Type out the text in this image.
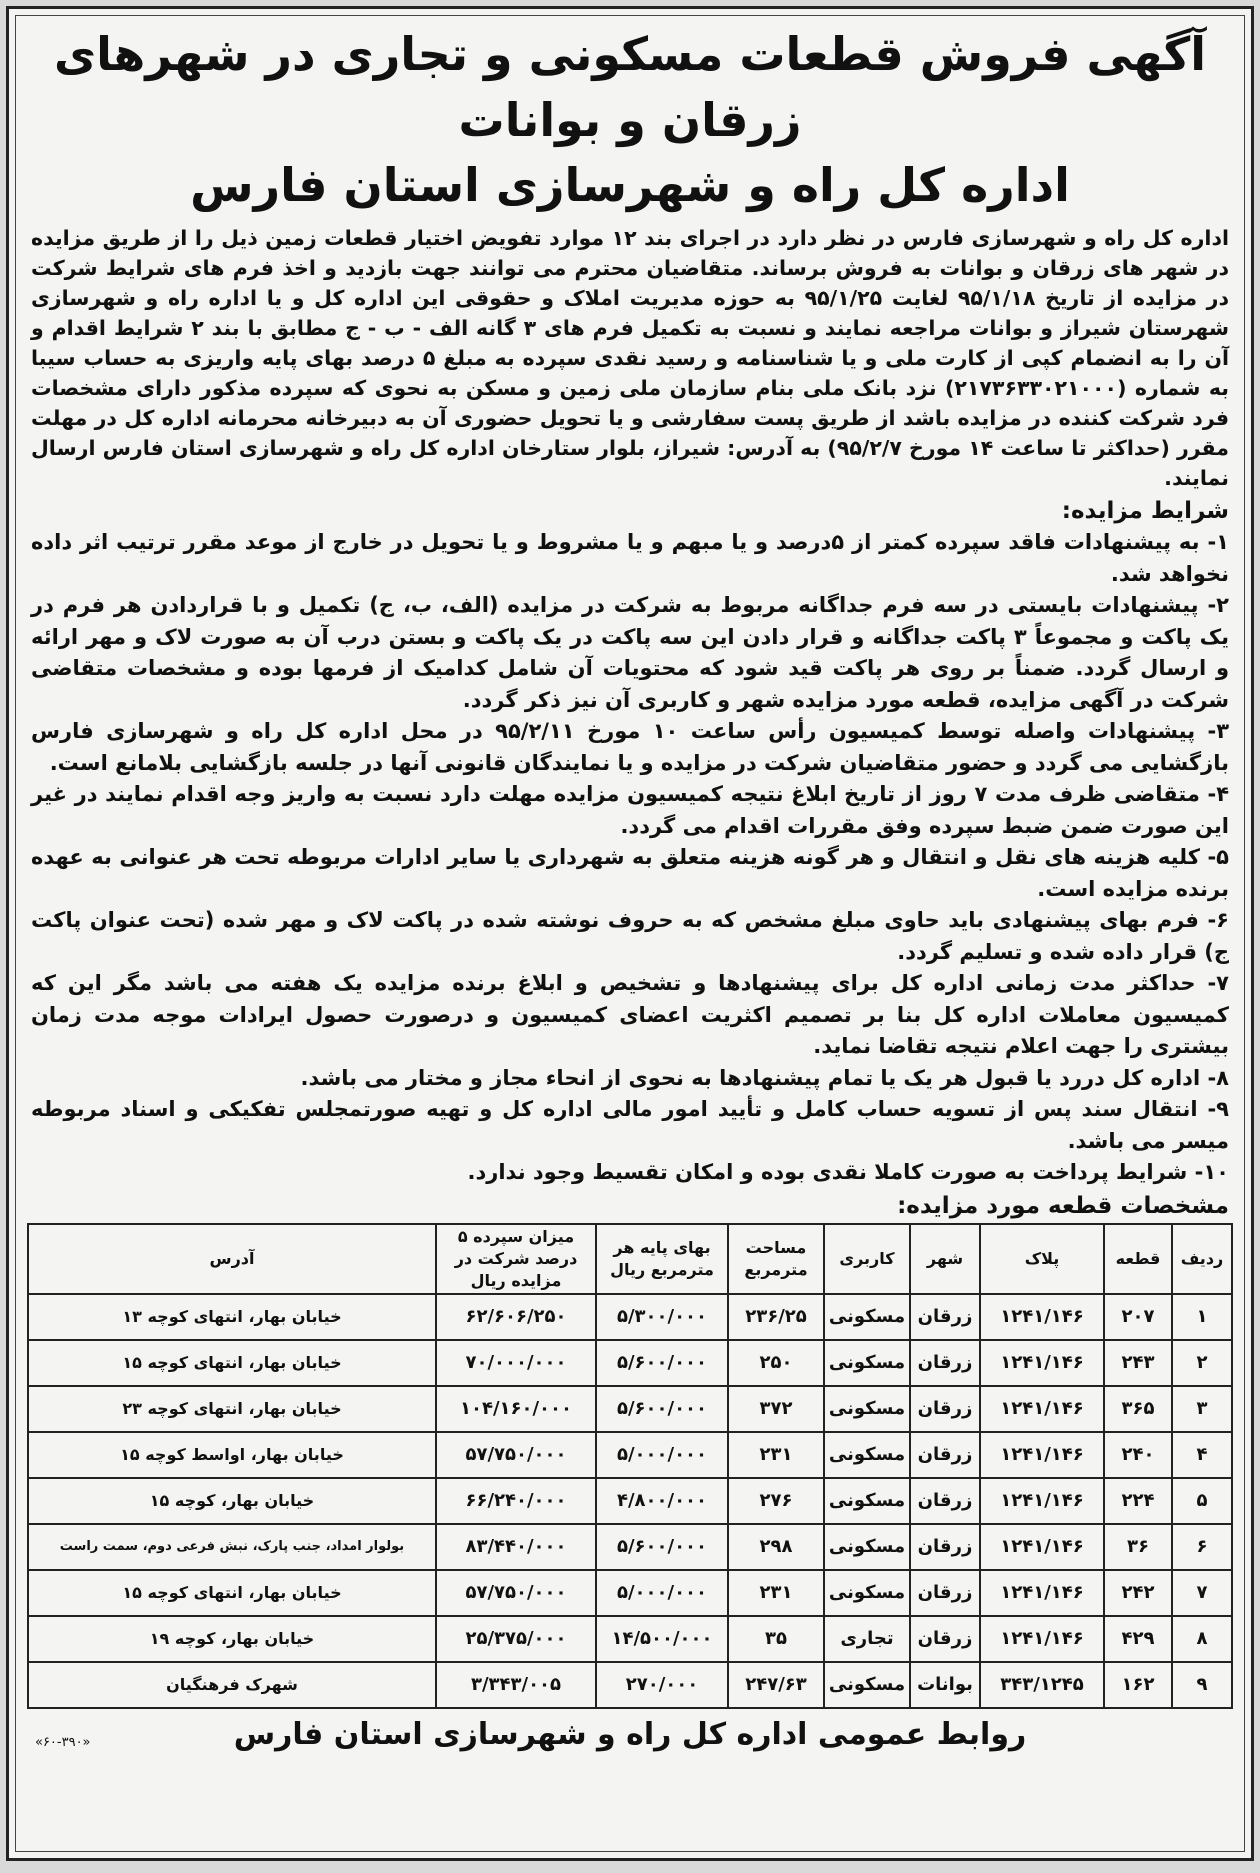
آگهی فروش قطعات مسکونی و تجاری در شهرهای زرقان و بوانات
اداره کل راه و شهرسازی استان فارس

اداره کل راه و شهرسازی فارس در نظر دارد در اجرای بند ۱۲ موارد تفویض اختیار قطعات زمین ذیل را از طریق مزایده در شهر های زرقان و بوانات به فروش برساند. متقاضیان محترم می توانند جهت بازدید و اخذ فرم های شرایط شرکت در مزایده از تاریخ ۹۵/۱/۱۸ لغایت ۹۵/۱/۲۵ به حوزه مدیریت املاک و حقوقی این اداره کل و یا اداره راه و شهرسازی شهرستان شیراز و بوانات مراجعه نمایند و نسبت به تکمیل فرم های ۳ گانه الف - ب - ج مطابق با بند ۲ شرایط اقدام و آن را به انضمام کپی از کارت ملی و یا شناسنامه و رسید نقدی سپرده به مبلغ ۵ درصد بهای پایه واریزی به حساب سیبا به شماره (۲۱۷۳۶۳۳۰۲۱۰۰۰) نزد بانک ملی بنام سازمان ملی زمین و مسکن به نحوی که سپرده مذکور دارای مشخصات فرد شرکت کننده در مزایده باشد از طریق پست سفارشی و یا تحویل حضوری آن به دبیرخانه محرمانه اداره کل در مهلت مقرر (حداکثر تا ساعت ۱۴ مورخ ۹۵/۲/۷) به آدرس: شیراز، بلوار ستارخان اداره کل راه و شهرسازی استان فارس ارسال نمایند.

شرایط مزایده:
۱- به پیشنهادات فاقد سپرده کمتر از ۵درصد و یا مبهم و یا مشروط و یا تحویل در خارج از موعد مقرر ترتیب اثر داده نخواهد شد.
۲- پیشنهادات بایستی در سه فرم جداگانه مربوط به شرکت در مزایده (الف، ب، ج) تکمیل و با قراردادن هر فرم در یک پاکت و مجموعاً ۳ پاکت جداگانه و قرار دادن این سه پاکت در یک پاکت و بستن درب آن به صورت لاک و مهر ارائه و ارسال گردد. ضمناً بر روی هر پاکت قید شود که محتویات آن شامل کدامیک از فرمها بوده و مشخصات متقاضی شرکت در آگهی مزایده، قطعه مورد مزایده شهر و کاربری آن نیز ذکر گردد.
۳- پیشنهادات واصله توسط کمیسیون رأس ساعت ۱۰ مورخ ۹۵/۲/۱۱ در محل اداره کل راه و شهرسازی فارس بازگشایی می گردد و حضور متقاضیان شرکت در مزایده و یا نمایندگان قانونی آنها در جلسه بازگشایی بلامانع است.
۴- متقاضی ظرف مدت ۷ روز از تاریخ ابلاغ نتیجه کمیسیون مزایده مهلت دارد نسبت به واریز وجه اقدام نمایند در غیر این صورت ضمن ضبط سپرده وفق مقررات اقدام می گردد.
۵- کلیه هزینه های نقل و انتقال و هر گونه هزینه متعلق به شهرداری یا سایر ادارات مربوطه تحت هر عنوانی به عهده برنده مزایده است.
۶- فرم بهای پیشنهادی باید حاوی مبلغ مشخص که به حروف نوشته شده در پاکت لاک و مهر شده (تحت عنوان پاکت ج) قرار داده شده و تسلیم گردد.
۷- حداکثر مدت زمانی اداره کل برای پیشنهادها و تشخیص و ابلاغ برنده مزایده یک هفته می باشد مگر این که کمیسیون معاملات اداره کل بنا بر تصمیم اکثریت اعضای کمیسیون و درصورت حصول ایرادات موجه مدت زمان بیشتری را جهت اعلام نتیجه تقاضا نماید.
۸- اداره کل دررد یا قبول هر یک یا تمام پیشنهادها به نحوی از انحاء مجاز و مختار می باشد.
۹- انتقال سند پس از تسویه حساب کامل و تأیید امور مالی اداره کل و تهیه صورتمجلس تفکیکی و اسناد مربوطه میسر می باشد.
۱۰- شرایط پرداخت به صورت کاملا نقدی بوده و امکان تقسیط وجود ندارد.
مشخصات قطعه مورد مزایده:
ردیف	قطعه	پلاک	شهر	کاربری	مساحت مترمربع	بهای پایه هر مترمربع ریال	میزان سپرده ۵ درصد شرکت در مزایده ریال	آدرس
۱	۲۰۷	۱۲۴۱/۱۴۶	زرقان	مسکونی	۲۳۶/۲۵	۵/۳۰۰/۰۰۰	۶۲/۶۰۶/۲۵۰	خیابان بهار، انتهای کوچه ۱۳
۲	۲۴۳	۱۲۴۱/۱۴۶	زرقان	مسکونی	۲۵۰	۵/۶۰۰/۰۰۰	۷۰/۰۰۰/۰۰۰	خیابان بهار، انتهای کوچه ۱۵
۳	۳۶۵	۱۲۴۱/۱۴۶	زرقان	مسکونی	۳۷۲	۵/۶۰۰/۰۰۰	۱۰۴/۱۶۰/۰۰۰	خیابان بهار، انتهای کوچه ۲۳
۴	۲۴۰	۱۲۴۱/۱۴۶	زرقان	مسکونی	۲۳۱	۵/۰۰۰/۰۰۰	۵۷/۷۵۰/۰۰۰	خیابان بهار، اواسط کوچه ۱۵
۵	۲۲۴	۱۲۴۱/۱۴۶	زرقان	مسکونی	۲۷۶	۴/۸۰۰/۰۰۰	۶۶/۲۴۰/۰۰۰	خیابان بهار، کوچه ۱۵
۶	۳۶	۱۲۴۱/۱۴۶	زرقان	مسکونی	۲۹۸	۵/۶۰۰/۰۰۰	۸۳/۴۴۰/۰۰۰	بولوار امداد، جنب پارک، نبش فرعی دوم، سمت راست
۷	۲۴۲	۱۲۴۱/۱۴۶	زرقان	مسکونی	۲۳۱	۵/۰۰۰/۰۰۰	۵۷/۷۵۰/۰۰۰	خیابان بهار، انتهای کوچه ۱۵
۸	۴۲۹	۱۲۴۱/۱۴۶	زرقان	تجاری	۳۵	۱۴/۵۰۰/۰۰۰	۲۵/۳۷۵/۰۰۰	خیابان بهار، کوچه ۱۹
۹	۱۶۲	۳۴۳/۱۲۴۵	بوانات	مسکونی	۲۴۷/۶۳	۲۷۰/۰۰۰	۳/۳۴۳/۰۰۵	شهرک فرهنگیان
روابط عمومی اداره کل راه و شهرسازی استان فارس
«۶۰-۳۹۰»
